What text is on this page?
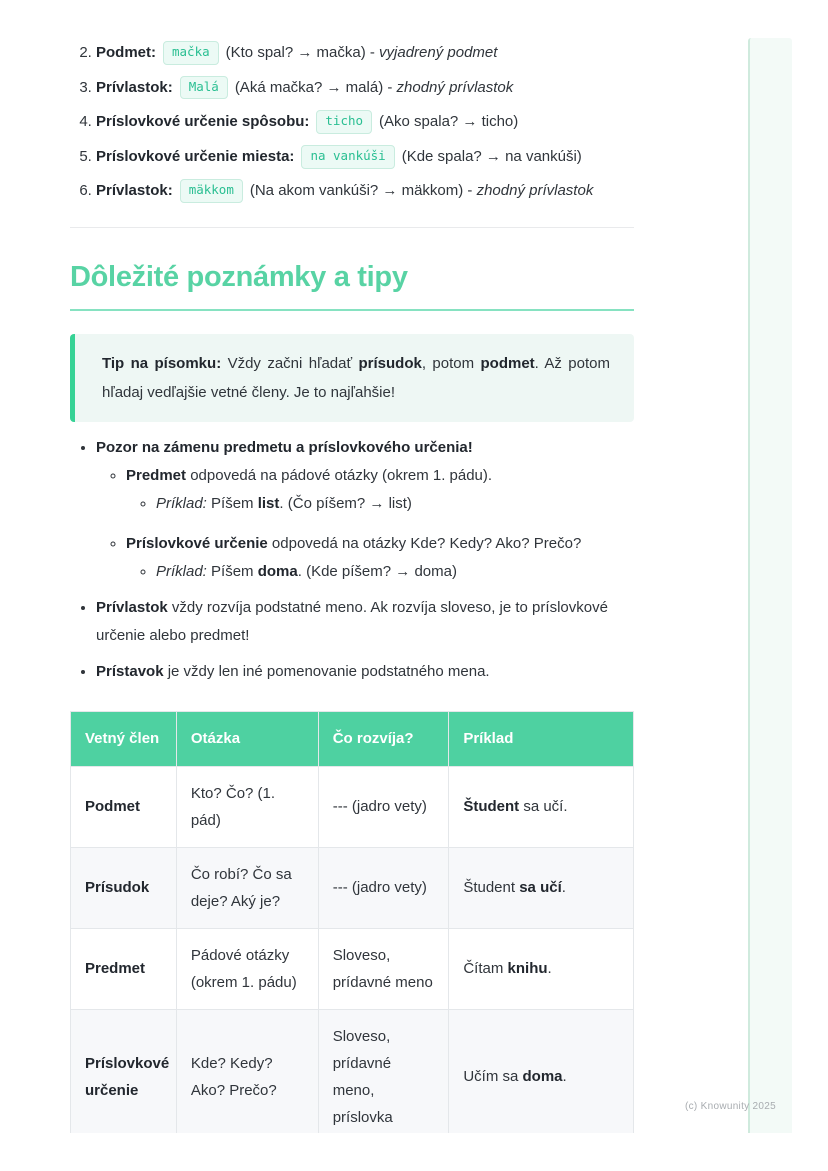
2. Podmet: mačka (Kto spal? → mačka) - vyjadrený podmet
3. Prívlastok: Malá (Aká mačka? → malá) - zhodný prívlastok
4. Príslovkové určenie spôsobu: ticho (Ako spala? → ticho)
5. Príslovkové určenie miesta: na vankúši (Kde spala? → na vankúši)
6. Prívlastok: mäkkom (Na akom vankúši? → mäkkom) - zhodný prívlastok
Dôležité poznámky a tipy

Tip na písomku: Vždy začni hľadať prísudok, potom podmet. Až potom hľadaj vedľajšie vetné členy. Je to najľahšie!

• Pozor na zámenu predmetu a príslovkového určenia!
◦ Predmet odpovedá na pádové otázky (okrem 1. pádu).
◦ Príklad: Píšem list. (Čo píšem? → list)
◦ Príslovkové určenie odpovedá na otázky Kde? Kedy? Ako? Prečo?
◦ Príklad: Píšem doma. (Kde píšem? → doma)
• Prívlastok vždy rozvíja podstatné meno. Ak rozvíja sloveso, je to príslovkové určenie alebo predmet!
• Prístavok je vždy len iné pomenovanie podstatného mena.
Vetný člen	Otázka	Čo rozvíja?	Príklad
Podmet	Kto? Čo? (1. pád)	--- (jadro vety)	Študent sa učí.
Prísudok	Čo robí? Čo sa deje? Aký je?	--- (jadro vety)	Študent sa učí.
Predmet	Pádové otázky (okrem 1. pádu)	Sloveso, prídavné meno	Čítam knihu.
Príslovkové určenie	Kde? Kedy? Ako? Prečo?	Sloveso, prídavné meno, príslovka	Učím sa doma.

(c) Knowunity 2025
